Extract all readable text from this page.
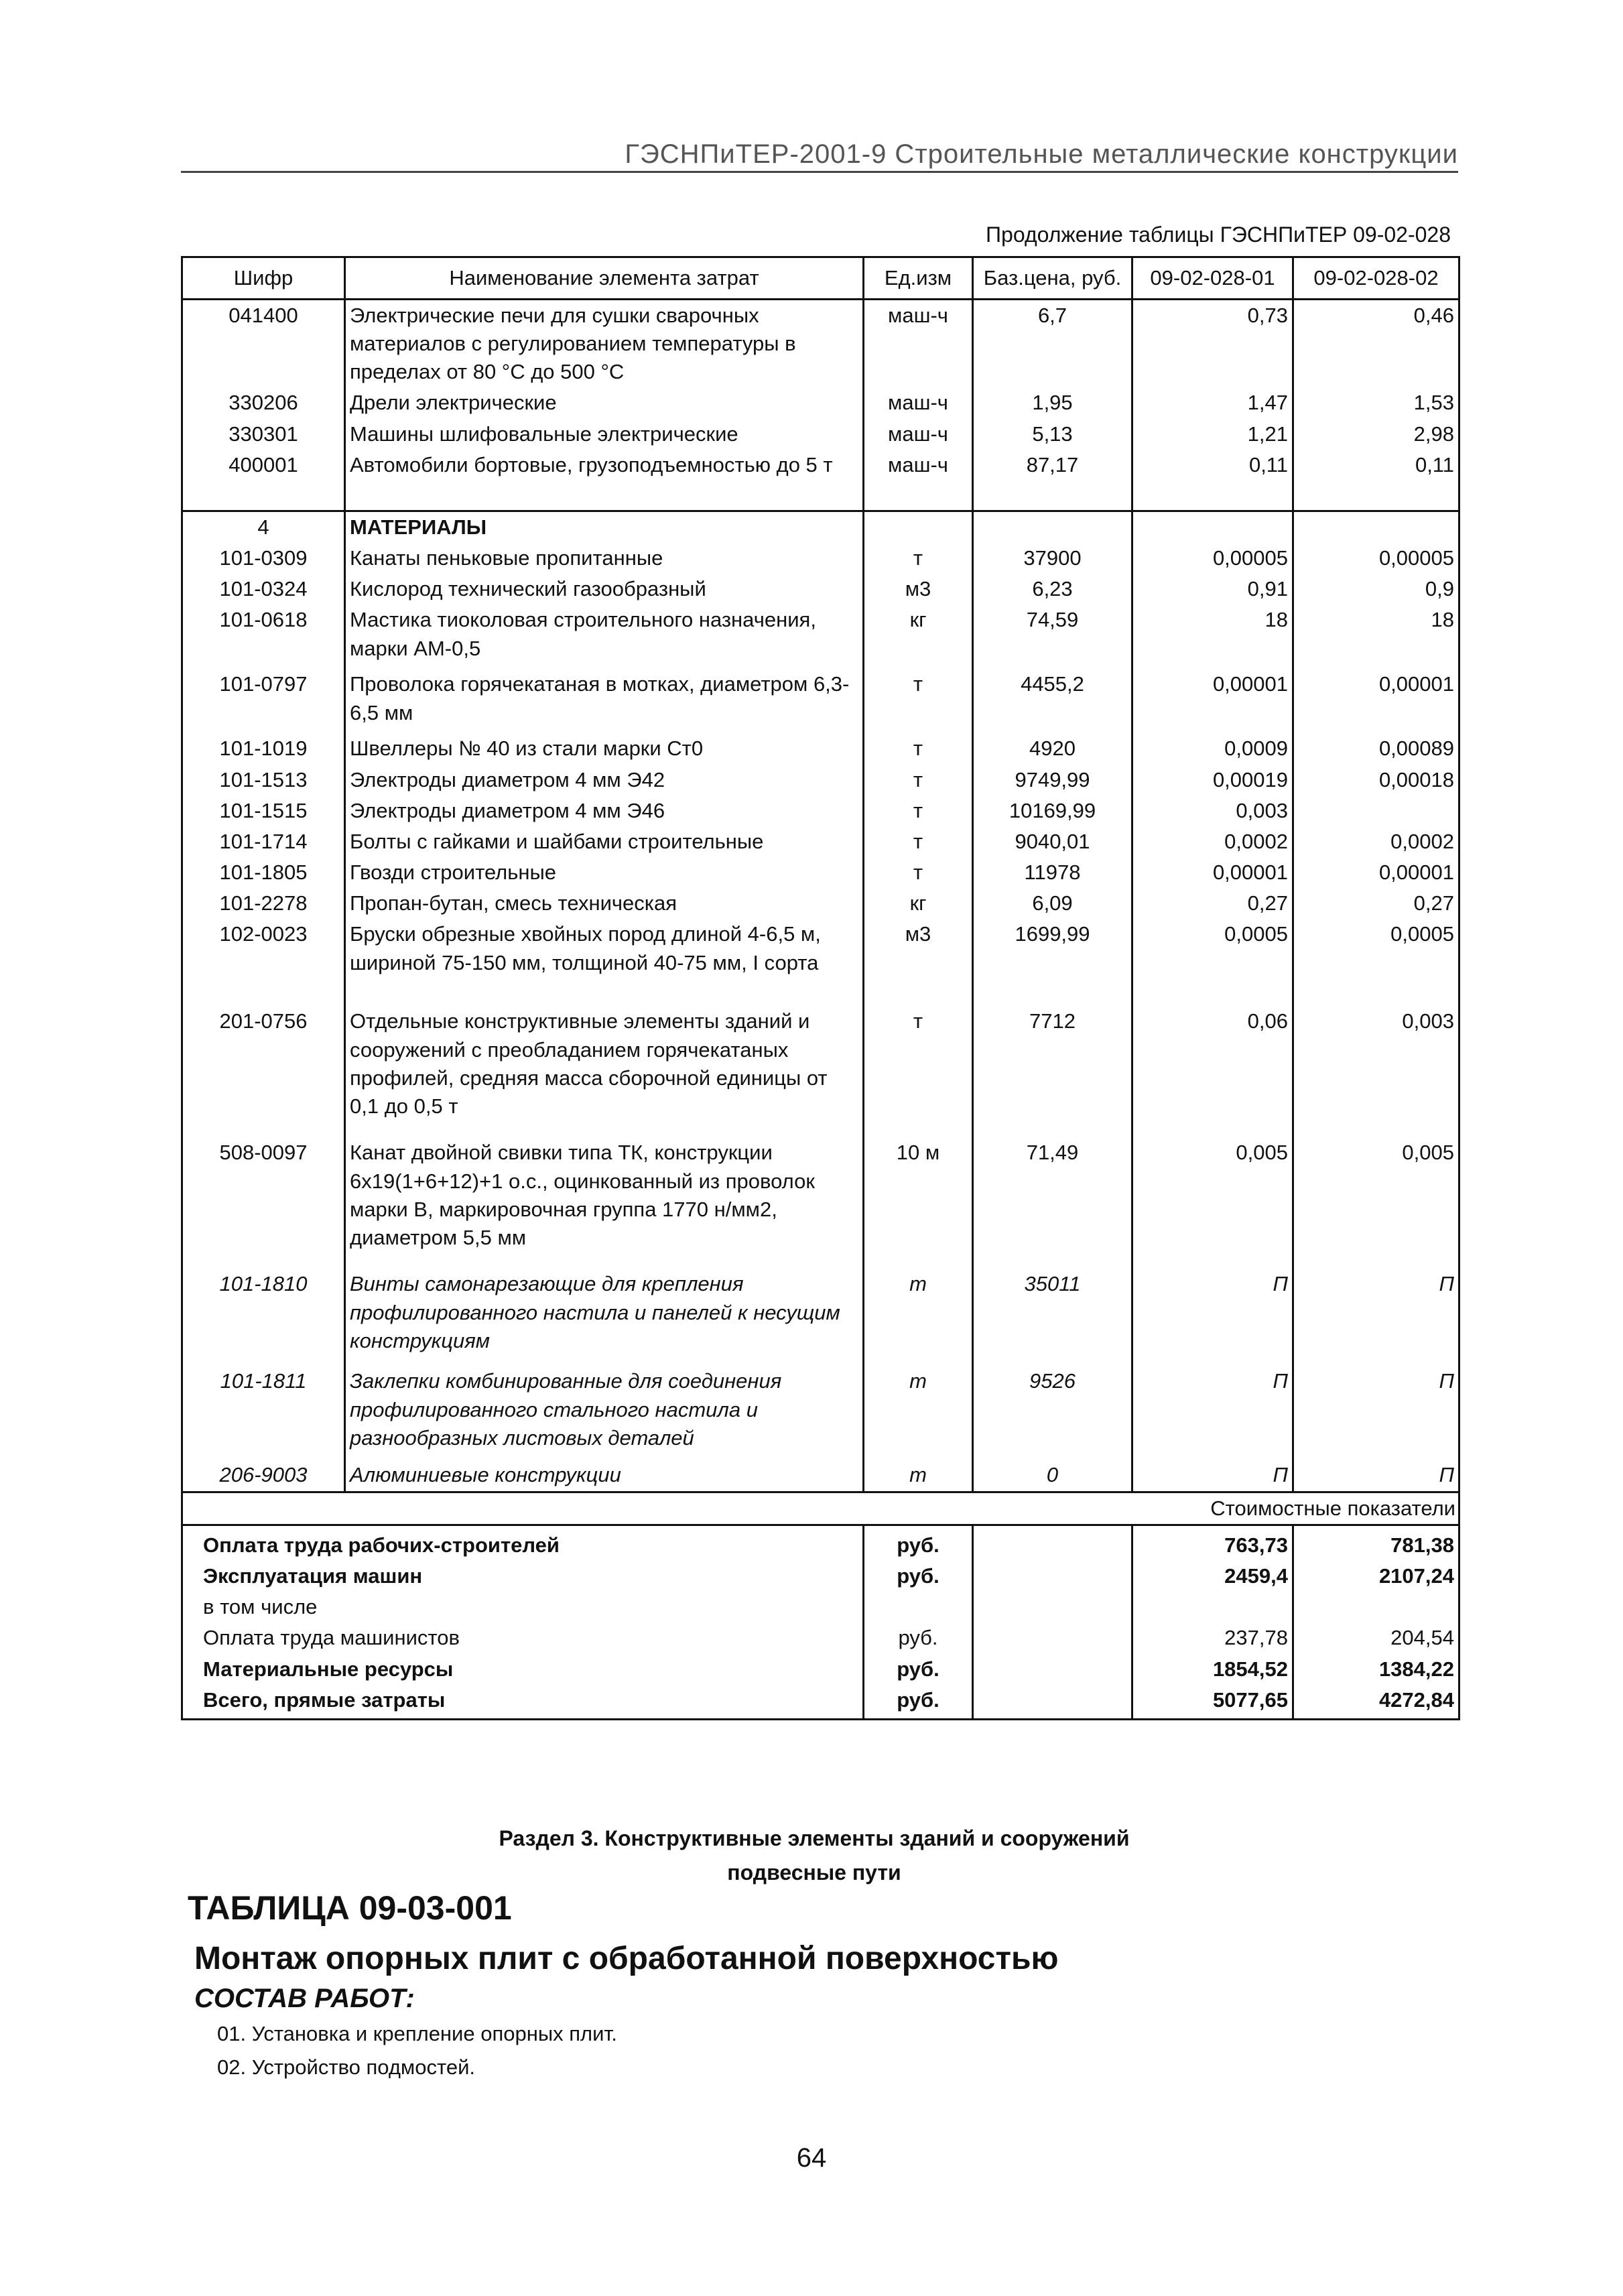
ГЭСНПиТЕР-2001-9 Строительные металлические конструкции
Продолжение таблицы ГЭСНПиТЕР 09-02-028
Шифр	Наименование элемента затрат	Ед.изм	Баз.цена, руб.	09-02-028-01	09-02-028-02
041400	Электрические печи для сушки сварочных материалов с регулированием температуры в пределах от 80 °С до 500 °С	маш-ч	6,7	0,73	0,46
330206	Дрели электрические	маш-ч	1,95	1,47	1,53
330301	Машины шлифовальные электрические	маш-ч	5,13	1,21	2,98
400001	Автомобили бортовые, грузоподъемностью до 5 т	маш-ч	87,17	0,11	0,11

4	МАТЕРИАЛЫ				
101-0309	Канаты пеньковые пропитанные	т	37900	0,00005	0,00005
101-0324	Кислород технический газообразный	м3	6,23	0,91	0,9
101-0618	Мастика тиоколовая строительного назначения, марки АМ-0,5	кг	74,59	18	18
101-0797	Проволока горячекатаная в мотках, диаметром 6,3-6,5 мм	т	4455,2	0,00001	0,00001
101-1019	Швеллеры № 40 из стали марки Ст0	т	4920	0,0009	0,00089
101-1513	Электроды диаметром 4 мм Э42	т	9749,99	0,00019	0,00018
101-1515	Электроды диаметром 4 мм Э46	т	10169,99	0,003	
101-1714	Болты с гайками и шайбами строительные	т	9040,01	0,0002	0,0002
101-1805	Гвозди строительные	т	11978	0,00001	0,00001
101-2278	Пропан-бутан, смесь техническая	кг	6,09	0,27	0,27
102-0023	Бруски обрезные хвойных пород длиной 4-6,5 м, шириной 75-150 мм, толщиной 40-75 мм, I сорта	м3	1699,99	0,0005	0,0005
201-0756	Отдельные конструктивные элементы зданий и сооружений с преобладанием горячекатаных профилей, средняя масса сборочной единицы от 0,1 до 0,5 т	т	7712	0,06	0,003
508-0097	Канат двойной свивки типа ТК, конструкции 6х19(1+6+12)+1 о.с., оцинкованный из проволок марки В, маркировочная группа 1770 н/мм2, диаметром 5,5 мм	10 м	71,49	0,005	0,005
101-1810	Винты самонарезающие для крепления профилированного настила и панелей к несущим конструкциям	т	35011	П	П
101-1811	Заклепки комбинированные для соединения профилированного стального настила и разнообразных листовых деталей	т	9526	П	П
206-9003	Алюминиевые конструкции	т	0	П	П
Стоимостные показатели					
Оплата труда рабочих-строителей		руб.		763,73	781,38
Эксплуатация машин		руб.		2459,4	2107,24
в том числе					
Оплата труда машинистов		руб.		237,78	204,54
Материальные ресурсы		руб.		1854,52	1384,22
Всего, прямые затраты		руб.		5077,65	4272,84
Раздел 3. Конструктивные элементы зданий и сооружений
подвесные пути
ТАБЛИЦА 09-03-001
Монтаж опорных плит с обработанной поверхностью
СОСТАВ РАБОТ:
01. Установка и крепление опорных плит.
02. Устройство подмостей.
64
